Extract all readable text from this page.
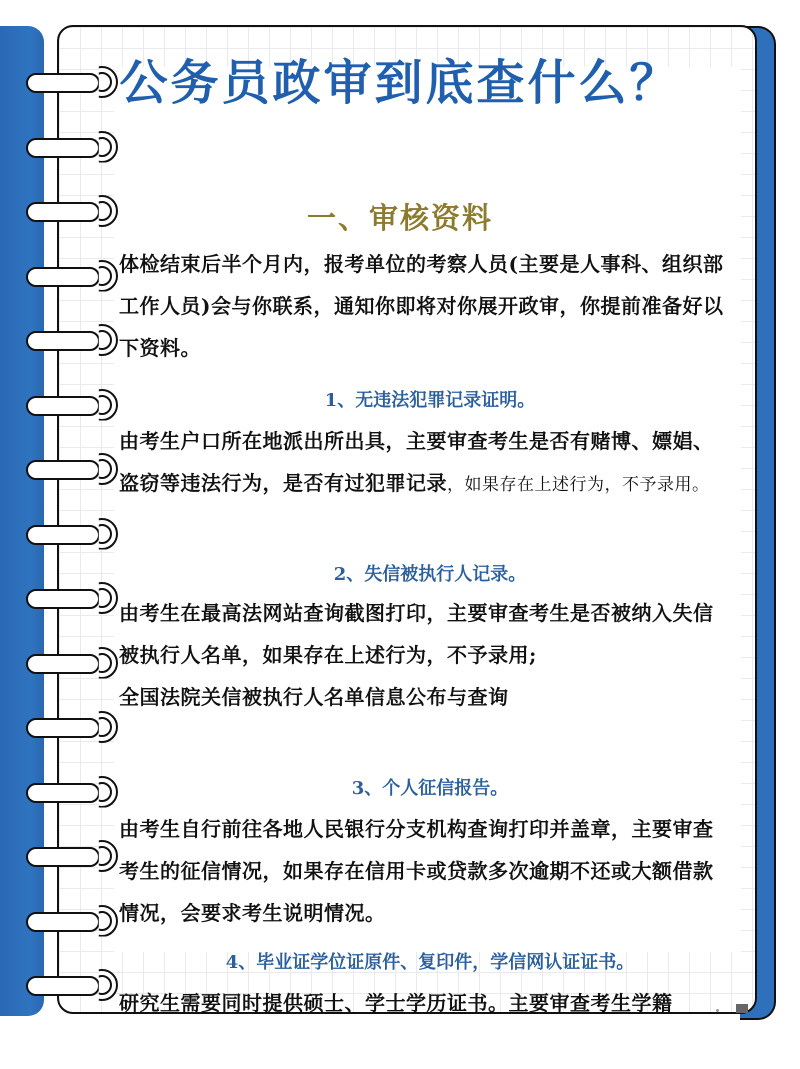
公务员政审到底查什么？
一、审核资料
体检结束后半个月内，报考单位的考察人员(主要是人事科、组织部
工作人员)会与你联系，通知你即将对你展开政审，你提前准备好以
下资料。
1、无违法犯罪记录证明。
由考生户口所在地派出所出具，主要审查考生是否有赌博、嫖娼、
盗窃等违法行为，是否有过犯罪记录，如果存在上述行为，不予录用。
2、失信被执行人记录。
由考生在最高法网站查询截图打印，主要审查考生是否被纳入失信
被执行人名单，如果存在上述行为，不予录用;
全国法院关信被执行人名单信息公布与查询
3、个人征信报告。
由考生自行前往各地人民银行分支机构查询打印并盖章，主要审查
考生的征信情况，如果存在信用卡或贷款多次逾期不还或大额借款
情况，会要求考生说明情况。
4、毕业证学位证原件、复印件，学信网认证证书。
研究生需要同时提供硕士、学士学历证书。主要审查考生学籍
